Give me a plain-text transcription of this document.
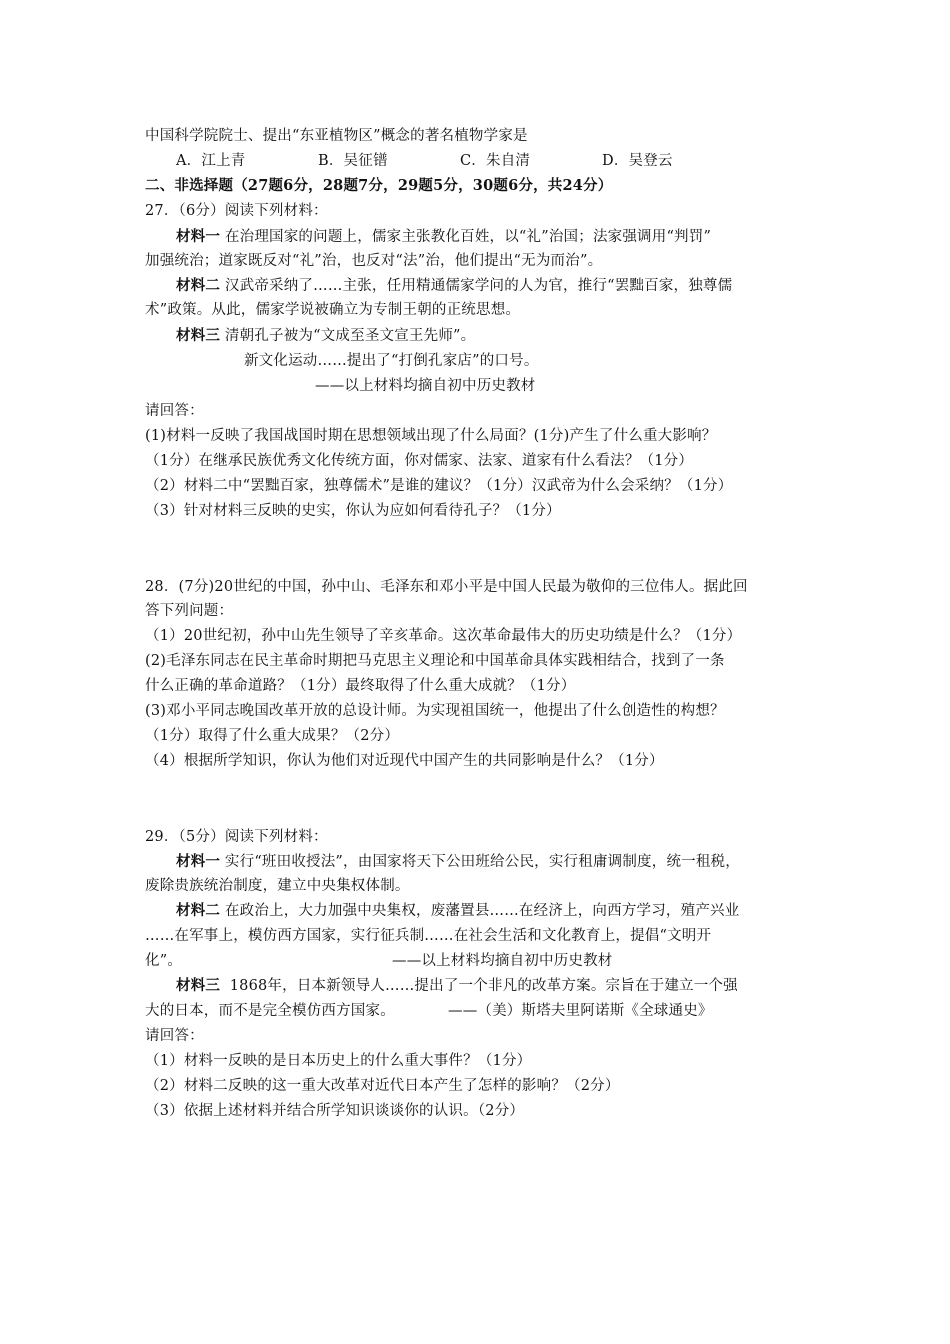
中国科学院院士、提出“东亚植物区”概念的著名植物学家是
A．江上青	B．吴征镨	C．朱自清	D．吴登云
二、非选择题（27题6分，28题7分，29题5分，30题6分，共24分）
27．（6分）阅读下列材料：
材料一 在治理国家的问题上，儒家主张教化百姓，以“礼”治国；法家强调用“判罚”
加强统治；道家既反对“礼”治，也反对“法”治，他们提出“无为而治”。
材料二 汉武帝采纳了……主张，任用精通儒家学问的人为官，推行“罢黜百家，独尊儒
术”政策。从此，儒家学说被确立为专制王朝的正统思想。
材料三 清朝孔子被为“文成至圣文宣王先师”。
新文化运动……提出了“打倒孔家店”的口号。
——以上材料均摘自初中历史教材
请回答：
(1)材料一反映了我国战国时期在思想领域出现了什么局面？(1分)产生了什么重大影响？
（1分）在继承民族优秀文化传统方面，你对儒家、法家、道家有什么看法？（1分）
（2）材料二中“罢黜百家，独尊儒术”是谁的建议？（1分）汉武帝为什么会采纳？（1分）
（3）针对材料三反映的史实，你认为应如何看待孔子？（1分）
28．(7分)20世纪的中国，孙中山、毛泽东和邓小平是中国人民最为敬仰的三位伟人。据此回
答下列问题：
（1）20世纪初，孙中山先生领导了辛亥革命。这次革命最伟大的历史功绩是什么？（1分）
(2)毛泽东同志在民主革命时期把马克思主义理论和中国革命具体实践相结合，找到了一条
什么正确的革命道路？（1分）最终取得了什么重大成就？（1分）
(3)邓小平同志晚国改革开放的总设计师。为实现祖国统一，他提出了什么创造性的构想？
（1分）取得了什么重大成果？（2分）
（4）根据所学知识，你认为他们对近现代中国产生的共同影响是什么？（1分）
29．（5分）阅读下列材料：
材料一 实行“班田收授法”，由国家将天下公田班给公民，实行租庸调制度，统一租税，
废除贵族统治制度，建立中央集权体制。
材料二 在政治上，大力加强中央集权，废藩置县……在经济上，向西方学习，殖产兴业
……在军事上，模仿西方国家，实行征兵制……在社会生活和文化教育上，提倡“文明开
化”。	——以上材料均摘自初中历史教材
材料三 1868年，日本新领导人……提出了一个非凡的改革方案。宗旨在于建立一个强
大的日本，而不是完全模仿西方国家。	——（美）斯塔夫里阿诺斯《全球通史》
请回答：
（1）材料一反映的是日本历史上的什么重大事件？（1分）
（2）材料二反映的这一重大改革对近代日本产生了怎样的影响？（2分）
（3）依据上述材料并结合所学知识谈谈你的认识。（2分）
